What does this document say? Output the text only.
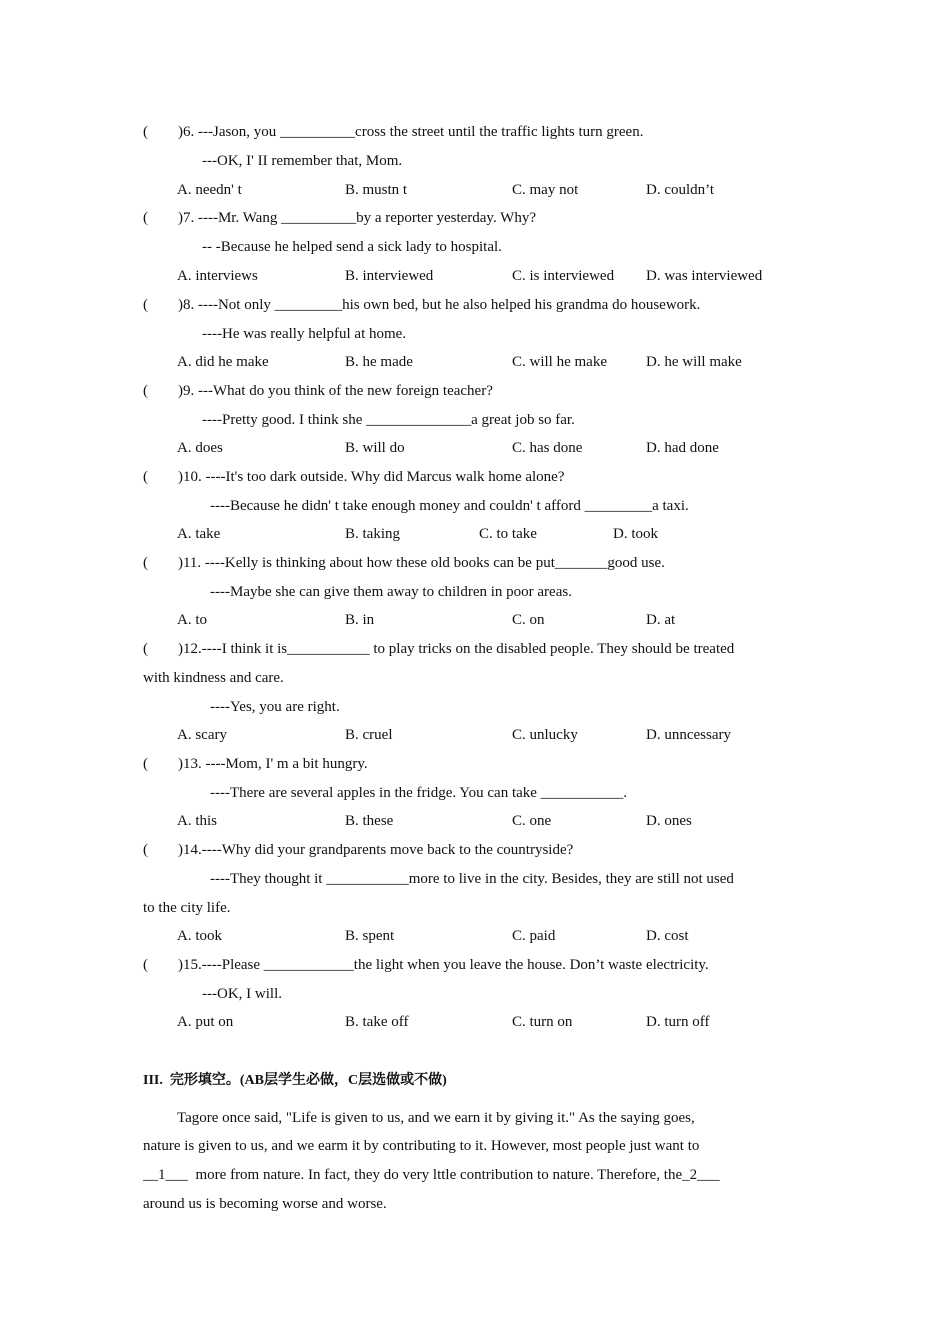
(        )6. ---Jason, you __________cross the street until the traffic lights turn green.
---OK, I' II remember that, Mom.
A. needn' t	B. mustn t	C. may not	D. couldn’t
(        )7. ----Mr. Wang __________by a reporter yesterday. Why?
-- -Because he helped send a sick lady to hospital.
A. interviews	B. interviewed	C. is interviewed D. was interviewed
(        )8. ----Not only _________his own bed, but he also helped his grandma do housework.
----He was really helpful at home.
A. did he make	B. he made	C. will he make	D. he will make
(        )9. ---What do you think of the new foreign teacher?
----Pretty good. I think she ______________a great job so far.
A. does	B. will do	C. has done	D. had done
(        )10. ----It's too dark outside. Why did Marcus walk home alone?
----Because he didn' t take enough money and couldn' t afford _________a taxi.
A. take	B. taking	C. to take	D. took
(        )11. ----Kelly is thinking about how these old books can be put_______good use.
----Maybe she can give them away to children in poor areas.
A. to	B. in	C. on	D. at
(        )12.----I think it is___________ to play tricks on the disabled people. They should be treated
with kindness and care.
----Yes, you are right.
A. scary	B. cruel	C. unlucky	D. unncessary
(        )13. ----Mom, I' m a bit hungry.
----There are several apples in the fridge. You can take ___________.
A. this	B. these	C. one	D. ones
(        )14.----Why did your grandparents move back to the countryside?
----They thought it ___________more to live in the city. Besides, they are still not used
to the city life.
A. took	B. spent	C. paid	D. cost
(        )15.----Please ____________the light when you leave the house. Don’t waste electricity.
---OK, I will.
A. put on	B. take off	C. turn on	D. turn off
III.  完形填空。(AB层学生必做，C层选做或不做)
Tagore once said, "Life is given to us, and we earn it by giving it." As the saying goes,
nature is given to us, and we earm it by contributing to it. However, most people just want to
__1___  more from nature. In fact, they do very lttle contribution to nature. Therefore, the_2___
around us is becoming worse and worse.
